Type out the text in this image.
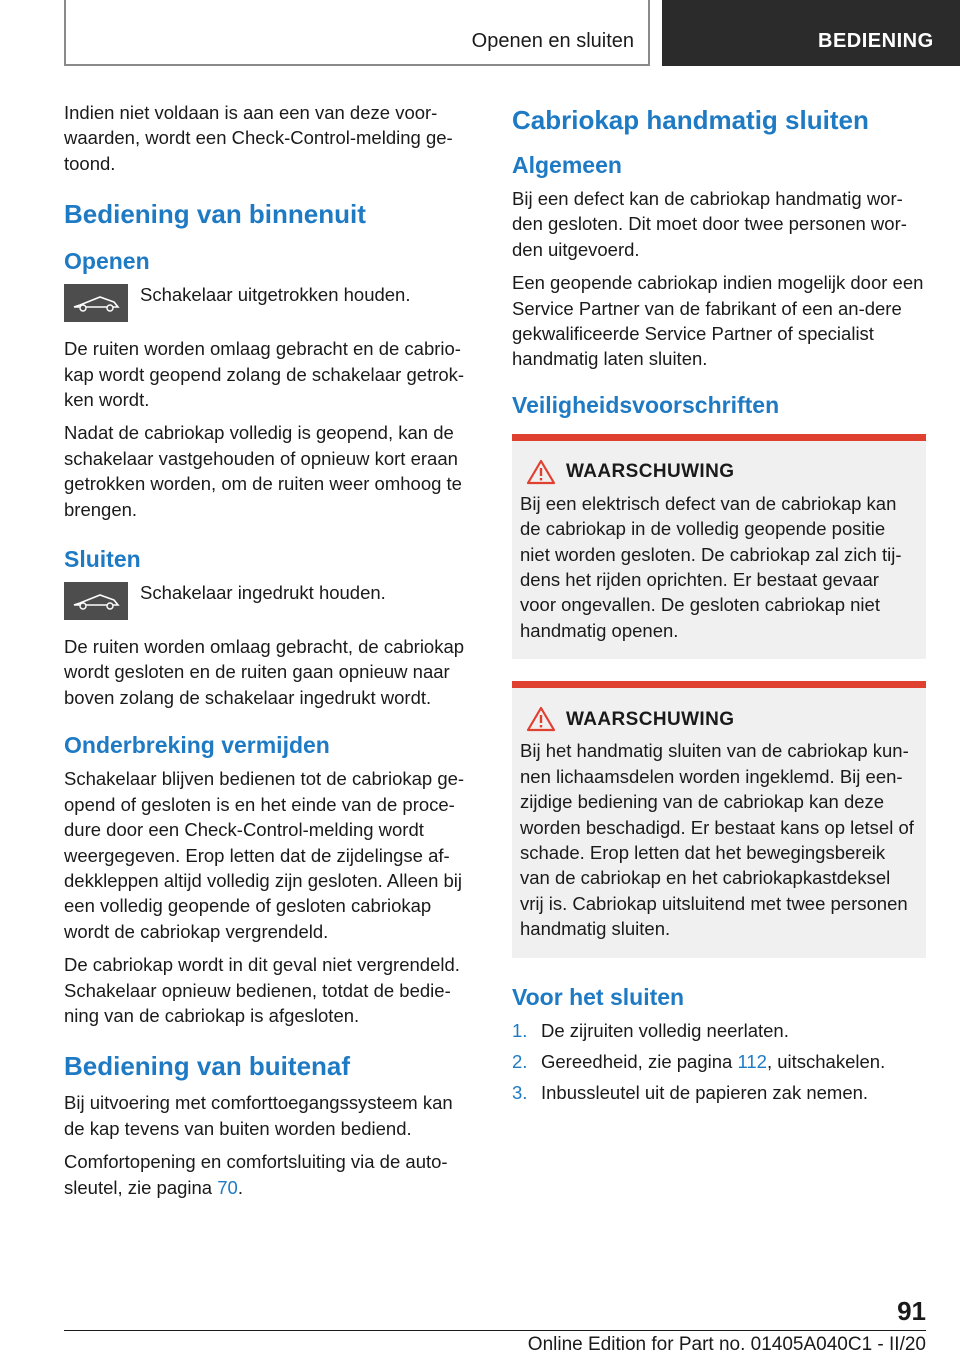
Openen en sluiten	BEDIENING

Indien niet voldaan is aan een van deze voor-waarden, wordt een Check-Control-melding ge-toond.

Bediening van binnenuit
Openen
Schakelaar uitgetrokken houden.

De ruiten worden omlaag gebracht en de cabrio-kap wordt geopend zolang de schakelaar getrok-ken wordt.

Nadat de cabriokap volledig is geopend, kan de schakelaar vastgehouden of opnieuw kort eraan getrokken worden, om de ruiten weer omhoog te brengen.

Sluiten
Schakelaar ingedrukt houden.

De ruiten worden omlaag gebracht, de cabriokap wordt gesloten en de ruiten gaan opnieuw naar boven zolang de schakelaar ingedrukt wordt.

Onderbreking vermijden

Schakelaar blijven bedienen tot de cabriokap ge-opend of gesloten is en het einde van de proce-dure door een Check-Control-melding wordt weergegeven. Erop letten dat de zijdelingse af-dekkleppen altijd volledig zijn gesloten. Alleen bij een volledig geopende of gesloten cabriokap wordt de cabriokap vergrendeld.

De cabriokap wordt in dit geval niet vergrendeld. Schakelaar opnieuw bedienen, totdat de bedie-ning van de cabriokap is afgesloten.

Bediening van buitenaf

Bij uitvoering met comforttoegangssysteem kan de kap tevens van buiten worden bediend.

Comfortopening en comfortsluiting via de auto-sleutel, zie pagina 70.

Cabriokap handmatig sluiten
Algemeen

Bij een defect kan de cabriokap handmatig wor-den gesloten. Dit moet door twee personen wor-den uitgevoerd.

Een geopende cabriokap indien mogelijk door een Service Partner van de fabrikant of een an-dere gekwalificeerde Service Partner of specialist handmatig laten sluiten.

Veiligheidsvoorschriften
WAARSCHUWING
Bij een elektrisch defect van de cabriokap kan de cabriokap in de volledig geopende positie niet worden gesloten. De cabriokap zal zich tij-dens het rijden oprichten. Er bestaat gevaar voor ongevallen. De gesloten cabriokap niet handmatig openen.
WAARSCHUWING
Bij het handmatig sluiten van de cabriokap kun-nen lichaamsdelen worden ingeklemd. Bij een-zijdige bediening van de cabriokap kan deze worden beschadigd. Er bestaat kans op letsel of schade. Erop letten dat het bewegingsbereik van de cabriokap en het cabriokapkastdeksel vrij is. Cabriokap uitsluitend met twee personen handmatig sluiten.
Voor het sluiten
1. De zijruiten volledig neerlaten.
2. Gereedheid, zie pagina 112, uitschakelen.
3. Inbussleutel uit de papieren zak nemen.
91
Online Edition for Part no. 01405A040C1 - II/20
